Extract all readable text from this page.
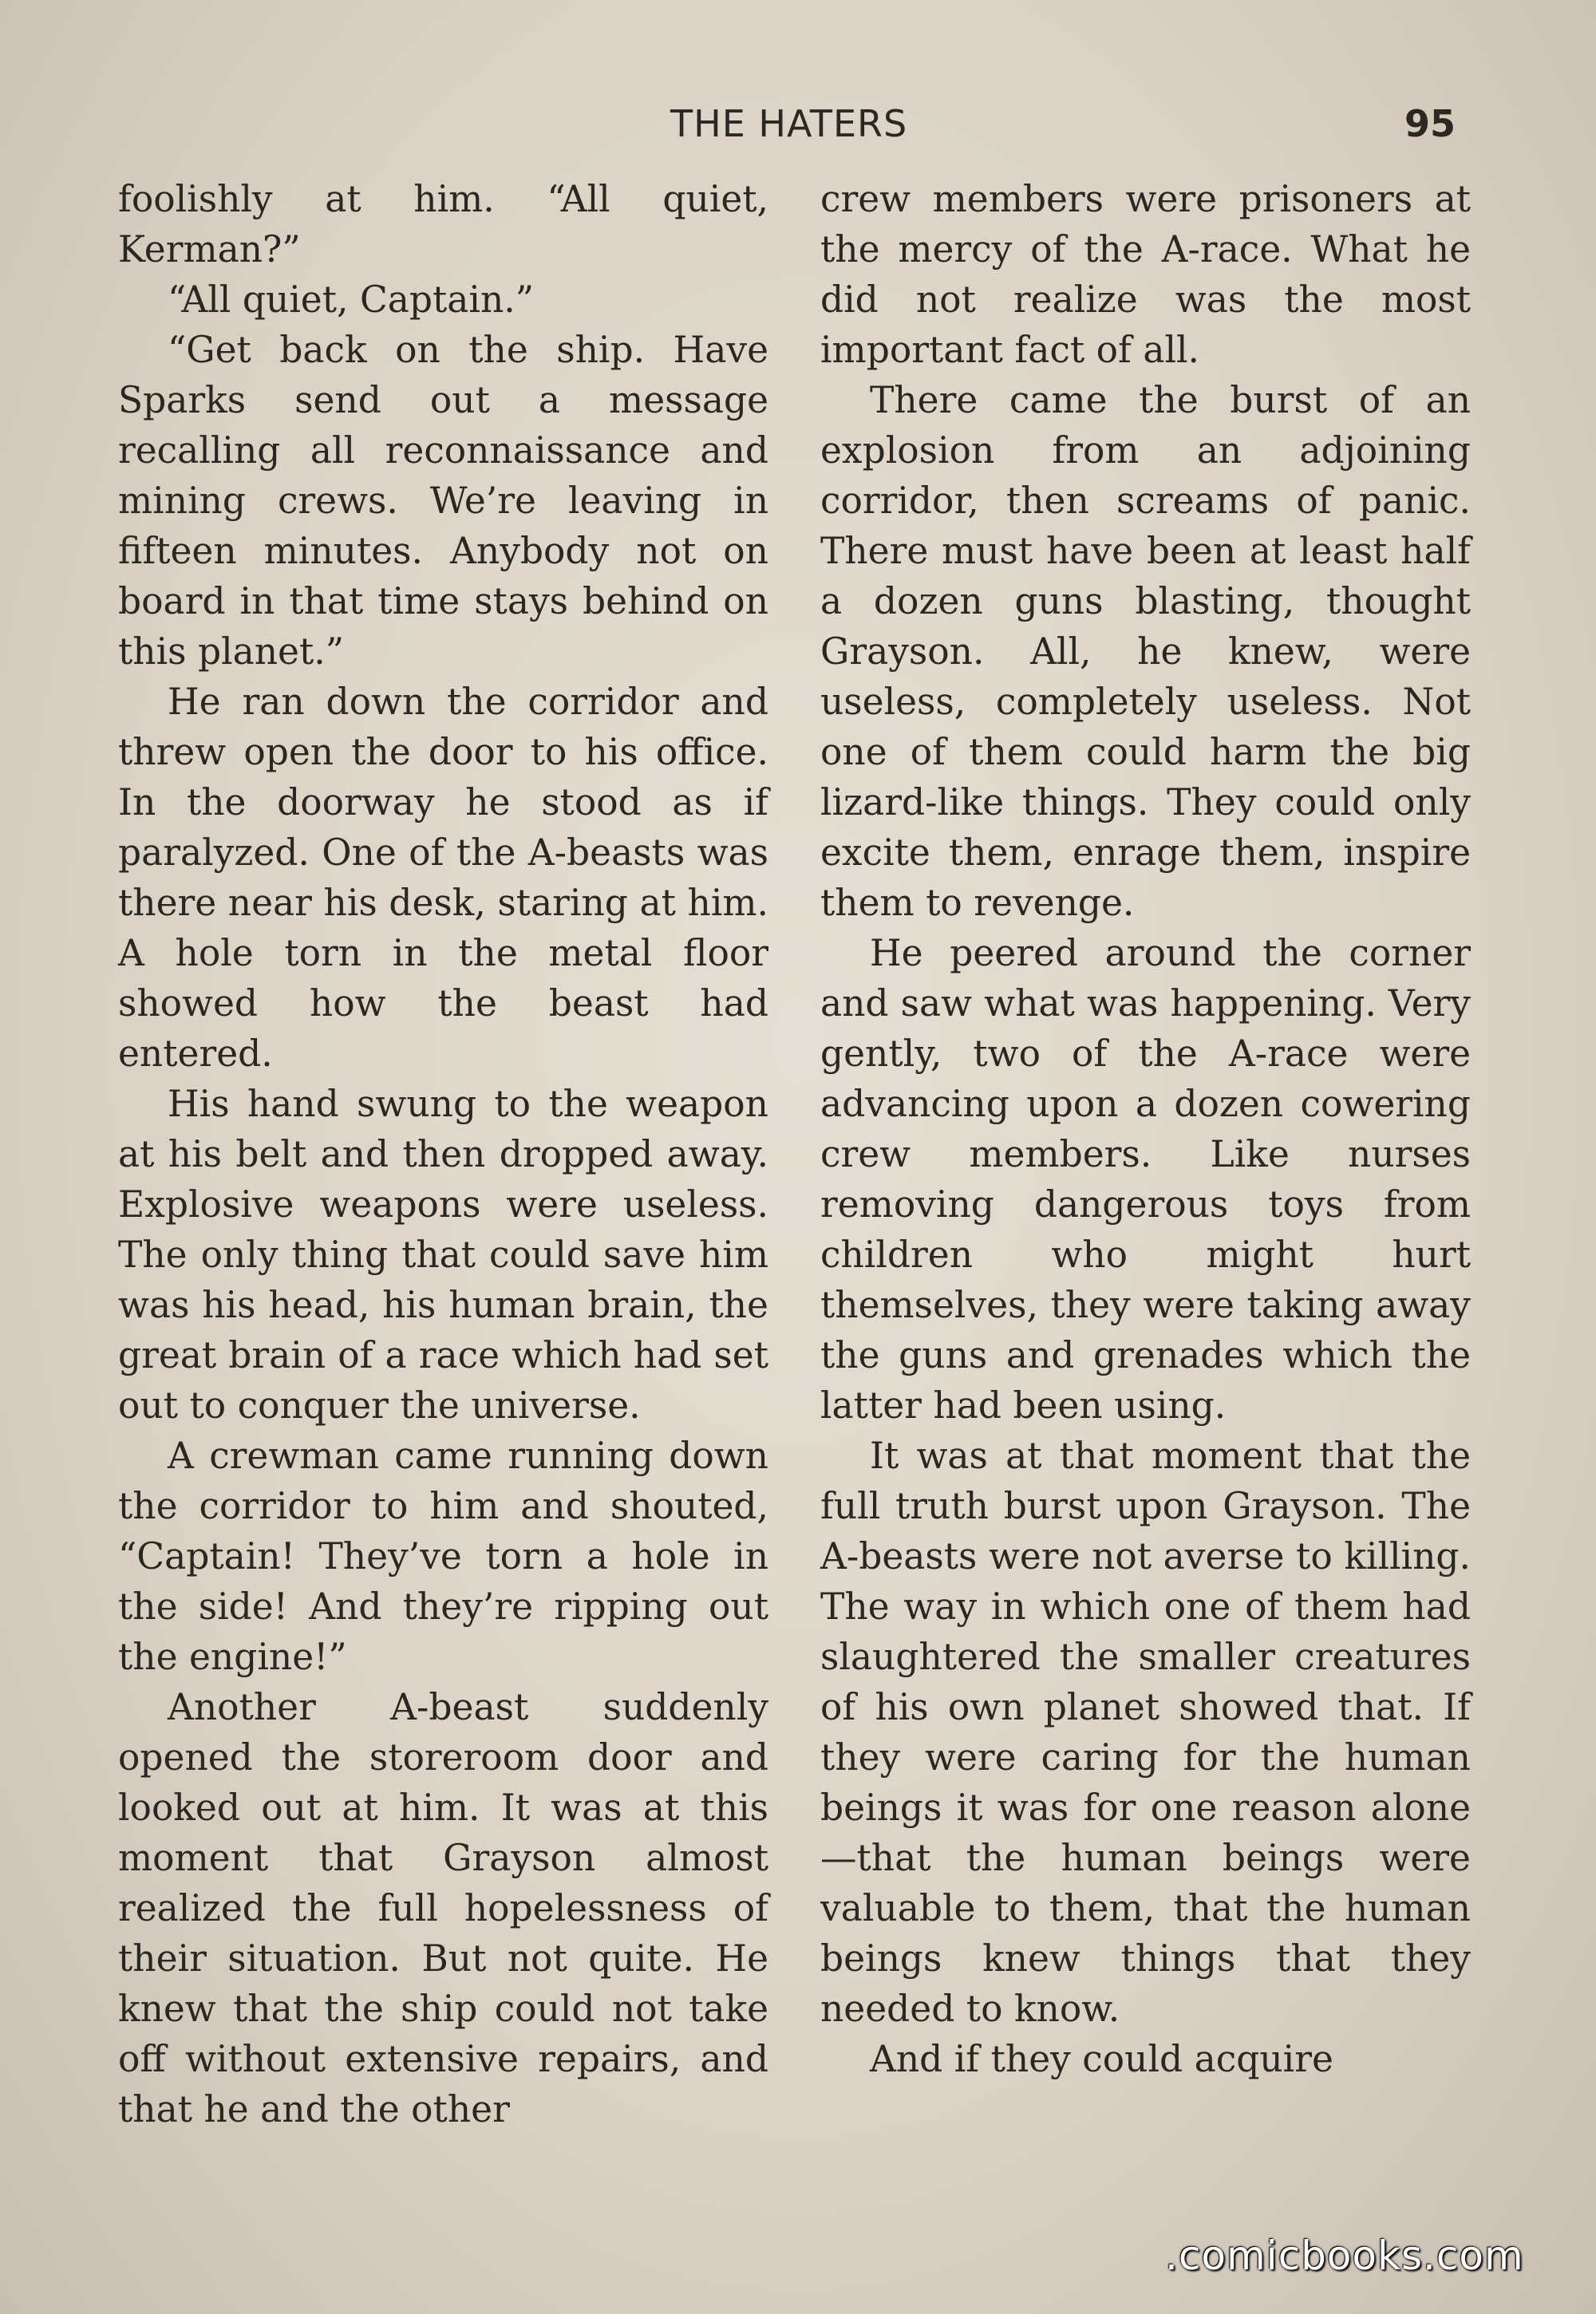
THE HATERS	95

foolishly at him. “All quiet, Kerman?”

“All quiet, Captain.”

“Get back on the ship. Have Sparks send out a message recalling all reconnaissance and mining crews. We’re leaving in fifteen minutes. Anybody not on board in that time stays behind on this planet.”

He ran down the corridor and threw open the door to his office. In the doorway he stood as if paralyzed. One of the A-beasts was there near his desk, staring at him. A hole torn in the metal floor showed how the beast had entered.

His hand swung to the weapon at his belt and then dropped away. Explosive weapons were useless. The only thing that could save him was his head, his human brain, the great brain of a race which had set out to conquer the universe.

A crewman came running down the corridor to him and shouted, “Captain! They’ve torn a hole in the side! And they’re ripping out the engine!”

Another A-beast suddenly opened the storeroom door and looked out at him. It was at this moment that Grayson almost realized the full hopelessness of their situation. But not quite. He knew that the ship could not take off without extensive repairs, and that he and the other

crew members were prisoners at the mercy of the A-race. What he did not realize was the most important fact of all.

There came the burst of an explosion from an adjoining corridor, then screams of panic. There must have been at least half a dozen guns blasting, thought Grayson. All, he knew, were useless, completely useless. Not one of them could harm the big lizard-like things. They could only excite them, enrage them, inspire them to revenge.

He peered around the corner and saw what was happening. Very gently, two of the A-race were advancing upon a dozen cowering crew members. Like nurses removing dangerous toys from children who might hurt themselves, they were taking away the guns and grenades which the latter had been using.

It was at that moment that the full truth burst upon Grayson. The A-beasts were not averse to killing. The way in which one of them had slaughtered the smaller creatures of his own planet showed that. If they were caring for the human beings it was for one reason alone—that the human beings were valuable to them, that the human beings knew things that they needed to know.

And if they could acquire

.comicbooks.com
